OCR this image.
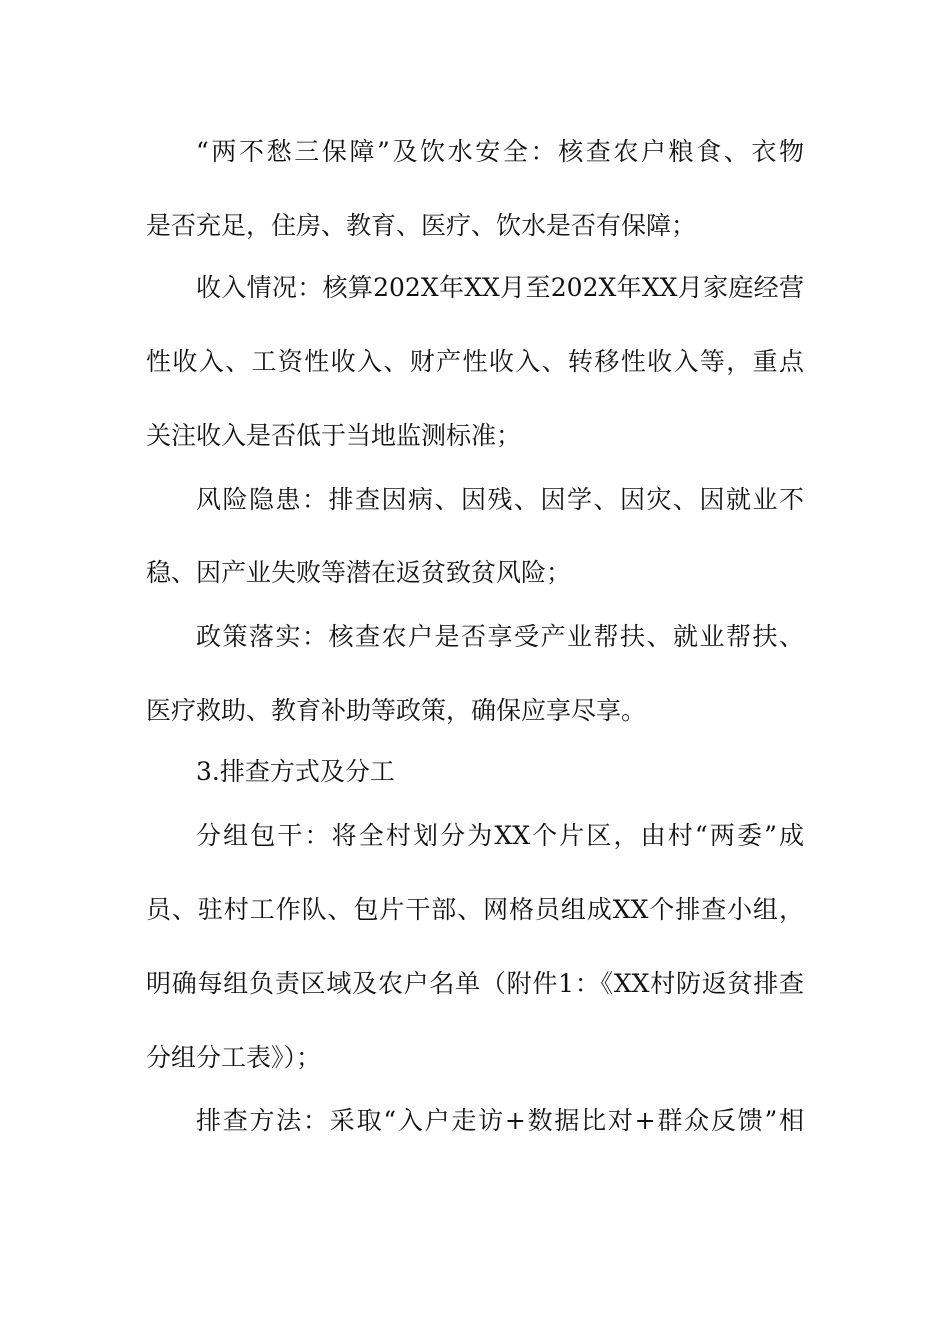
“两不愁三保障”及饮水安全：核查农户粮食、衣物
是否充足，住房、教育、医疗、饮水是否有保障；
收入情况：核算202X年XX月至202X年XX月家庭经营
性收入、工资性收入、财产性收入、转移性收入等，重点
关注收入是否低于当地监测标准；
风险隐患：排查因病、因残、因学、因灾、因就业不
稳、因产业失败等潜在返贫致贫风险；
政策落实：核查农户是否享受产业帮扶、就业帮扶、
医疗救助、教育补助等政策，确保应享尽享。
3.排查方式及分工
分组包干：将全村划分为XX个片区，由村“两委”成
员、驻村工作队、包片干部、网格员组成XX个排查小组，
明确每组负责区域及农户名单（附件1：《XX村防返贫排查
分组分工表》）；
排查方法：采取“入户走访+数据比对+群众反馈”相
